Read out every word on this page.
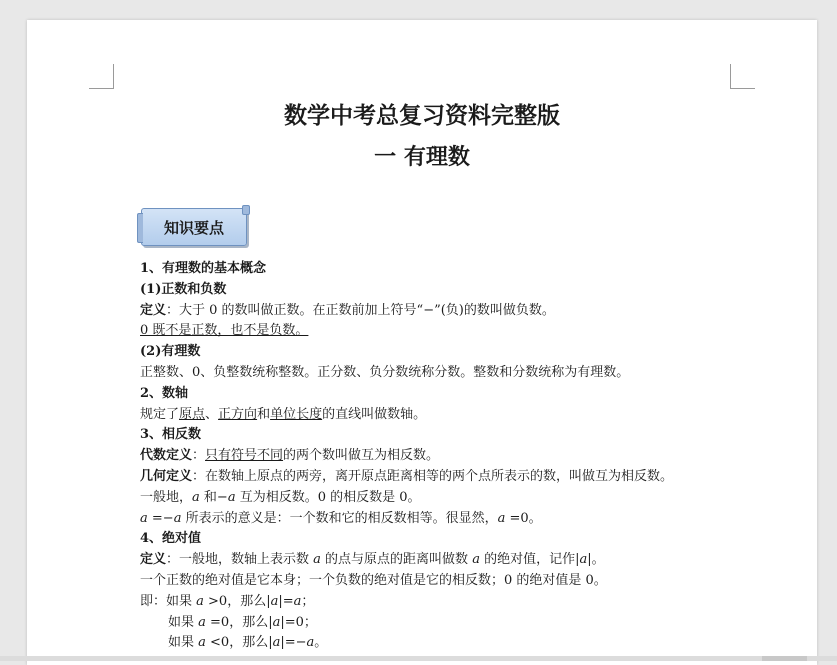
数学中考总复习资料完整版
一 有理数
知识要点
1、有理数的基本概念
(1)正数和负数
定义：大于 0 的数叫做正数。在正数前加上符号“−”(负)的数叫做负数。
0 既不是正数，也不是负数。
(2)有理数
正整数、0、负整数统称整数。正分数、负分数统称分数。整数和分数统称为有理数。
2、数轴
规定了原点、正方向和单位长度的直线叫做数轴。
3、相反数
代数定义：只有符号不同的两个数叫做互为相反数。
几何定义：在数轴上原点的两旁，离开原点距离相等的两个点所表示的数，叫做互为相反数。
一般地，a 和−a 互为相反数。0 的相反数是 0。
a =−a 所表示的意义是：一个数和它的相反数相等。很显然，a =0。
4、绝对值
定义：一般地，数轴上表示数 a 的点与原点的距离叫做数 a 的绝对值，记作|a|。
一个正数的绝对值是它本身；一个负数的绝对值是它的相反数；0 的绝对值是 0。
即：如果 a >0，那么|a|=a；
如果 a =0，那么|a|=0；
如果 a <0，那么|a|=−a。
